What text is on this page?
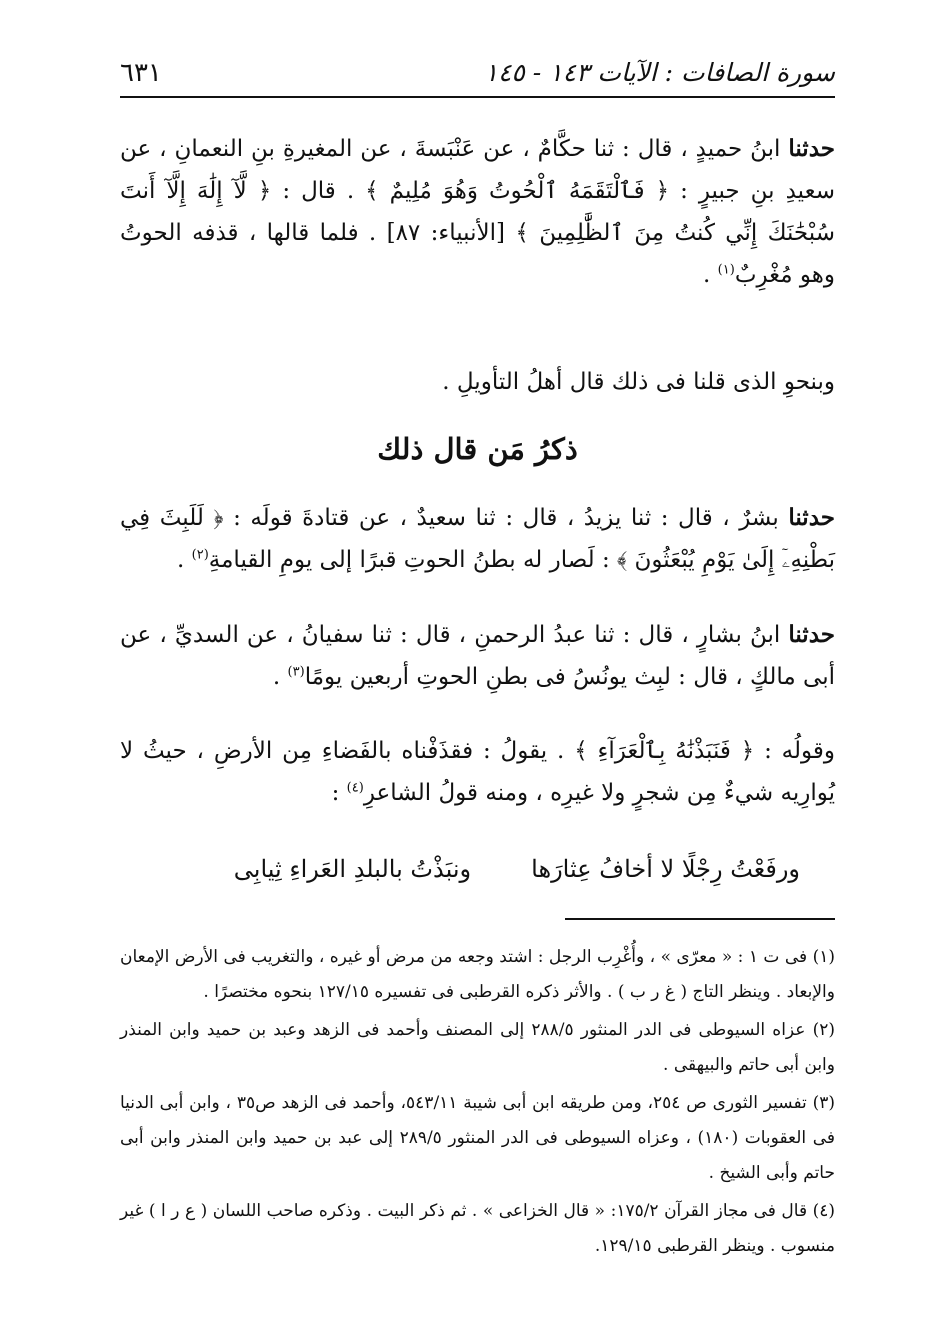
٦٣١	سورة الصافات : الآيات ١٤٣ - ١٤٥
حدثنا ابنُ حميدٍ ، قال : ثنا حكَّامٌ ، عن عَنْبَسةَ ، عن المغيرةِ بنِ النعمانِ ، عن سعيدِ بنِ جبيرٍ : ﴿ فَٱلْتَقَمَهُ ٱلْحُوتُ وَهُوَ مُلِيمٌ ﴾ . قال : ﴿ لَّآ إِلَٰهَ إِلَّآ أَنتَ سُبْحَٰنَكَ إِنِّي كُنتُ مِنَ ٱلظَّٰلِمِينَ ﴾ [الأنبياء: ٨٧] . فلما قالها ، قذفه الحوتُ وهو مُغْرِبٌ$^{(١)}$ .
وبنحوِ الذى قلنا فى ذلك قال أهلُ التأويلِ .
ذكرُ مَن قال ذلك
حدثنا بشرٌ ، قال : ثنا يزيدُ ، قال : ثنا سعيدٌ ، عن قتادةَ قولَه : ﴿ لَلَبِثَ فِي بَطْنِهِۦٓ إِلَىٰ يَوْمِ يُبْعَثُونَ ﴾ : لَصار له بطنُ الحوتِ قبرًا إلى يومِ القيامةِ$^{(٢)}$ .
حدثنا ابنُ بشارٍ ، قال : ثنا عبدُ الرحمنِ ، قال : ثنا سفيانُ ، عن السديِّ ، عن أبى مالكٍ ، قال : لبِث يونُسُ فى بطنِ الحوتِ أربعين يومًا$^{(٣)}$ .
وقولُه : ﴿ فَنَبَذْنَٰهُ بِٱلْعَرَآءِ ﴾ . يقولُ : فقذَفْناه بالفَضاءِ مِن الأرضِ ، حيثُ لا يُوارِيه شيءٌ مِن شجرٍ ولا غيرِه ، ومنه قولُ الشاعرِ$^{(٤)}$ :
ورفَعْتُ رِجْلًا لا أخافُ عِثارَهاونبَذْتُ بالبلدِ العَراءِ ثِيابِى

(١) فى ت ١ : « معرّى » ، وأُغْرِب الرجل : اشتد وجعه من مرض أو غيره ، والتغريب فى الأرض الإمعان والإبعاد . وينظر التاج ( غ ر ب ) . والأثر ذكره القرطبى فى تفسيره ١٢٧/١٥ بنحوه مختصرًا .

(٢) عزاه السيوطى فى الدر المنثور ٢٨٨/٥ إلى المصنف وأحمد فى الزهد وعبد بن حميد وابن المنذر وابن أبى حاتم والبيهقى .

(٣) تفسير الثورى ص ٢٥٤، ومن طريقه ابن أبى شيبة ٥٤٣/١١، وأحمد فى الزهد ص٣٥ ، وابن أبى الدنيا فى العقوبات (١٨٠) ، وعزاه السيوطى فى الدر المنثور ٢٨٩/٥ إلى عبد بن حميد وابن المنذر وابن أبى حاتم وأبى الشيخ .

(٤) قال فى مجاز القرآن ١٧٥/٢: « قال الخزاعى » . ثم ذكر البيت . وذكره صاحب اللسان ( ع ر ا ) غير منسوب . وينظر القرطبى ١٢٩/١٥.
